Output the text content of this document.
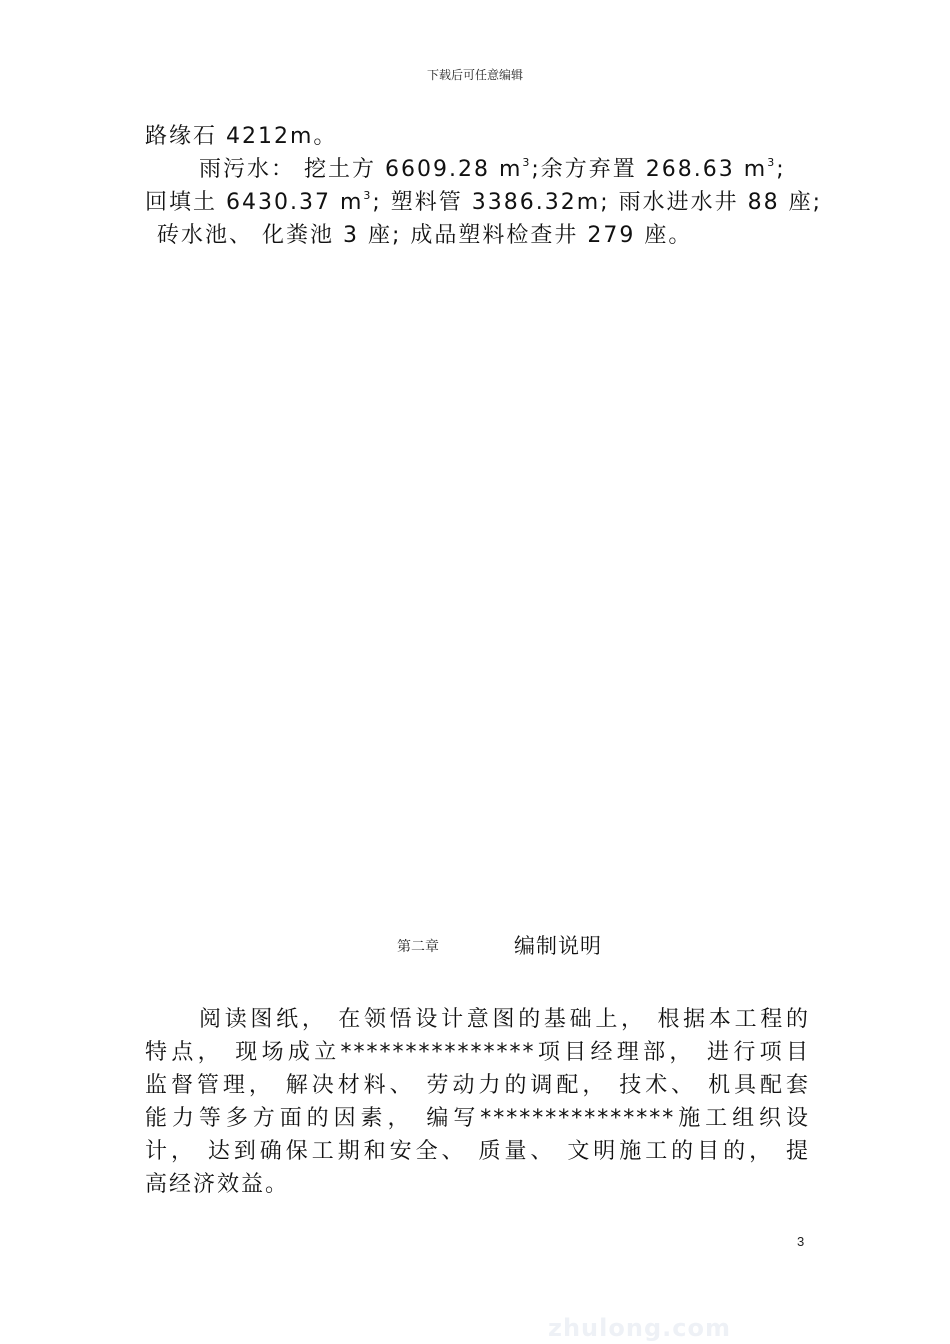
下载后可任意编辑
路缘石 4212m。
雨污水： 挖土方 6609.28 $m^3$;余方弃置 268.63 $m^3$;
回填土 6430.37 $m^3$; 塑料管 3386.32m; 雨水进水井 88 座;
砖水池、 化粪池 3 座; 成品塑料检查井 279 座。
第二章	编制说明
阅读图纸， 在领悟设计意图的基础上， 根据本工程的
特点， 现场成立***************项目经理部， 进行项目
监督管理， 解决材料、 劳动力的调配， 技术、 机具配套
能力等多方面的因素， 编写***************施工组织设
计， 达到确保工期和安全、 质量、 文明施工的目的， 提
高经济效益。
3
zhulong.com
